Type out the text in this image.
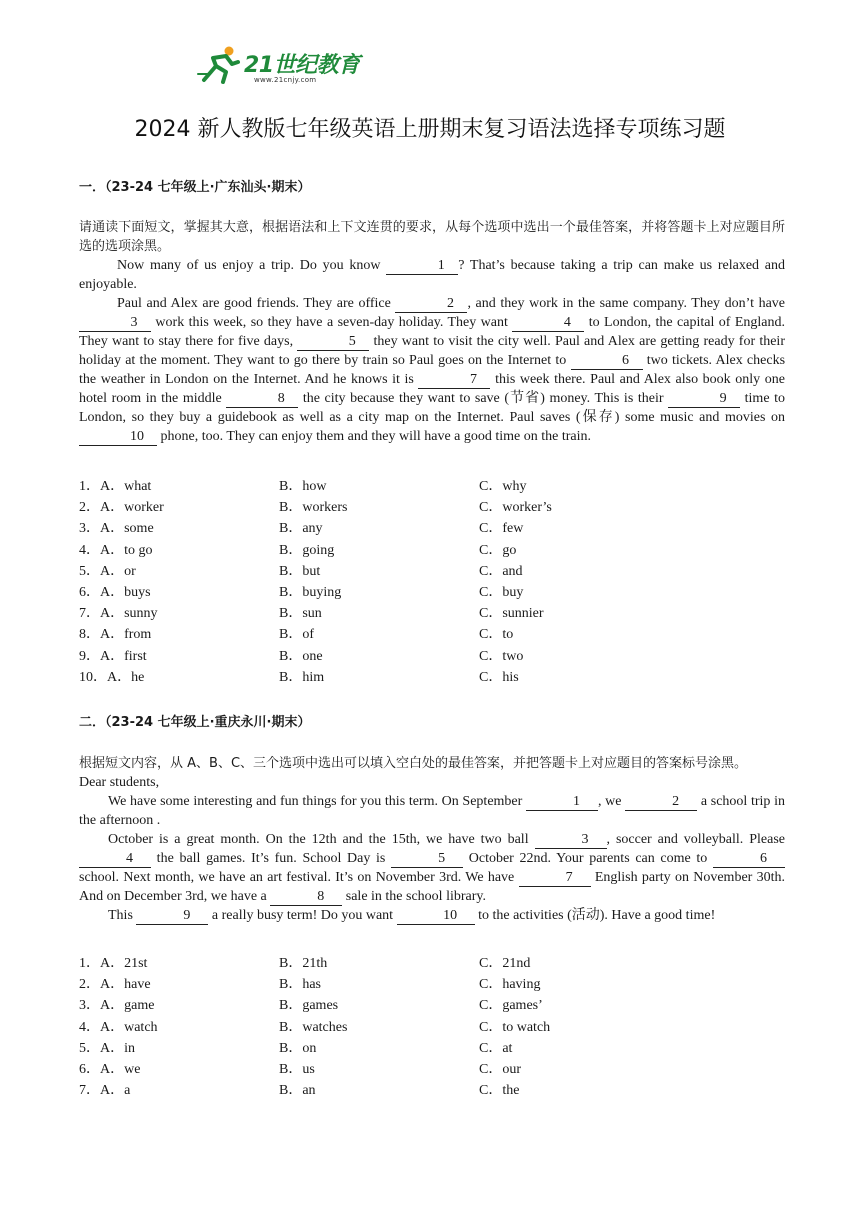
21世纪教育
www.21cnjy.com
2024 新人教版七年级英语上册期末复习语法选择专项练习题
一．（23-24 七年级上·广东汕头·期末）

请通读下面短文，掌握其大意，根据语法和上下文连贯的要求，从每个选项中选出一个最佳答案，并将答题卡上对应题目所选的选项涂黑。

Now many of us enjoy a trip. Do you know	1 ? That’s because taking a trip can make us relaxed and enjoyable.

Paul and Alex are good friends. They are office	2 , and they work in the same company. They don’t have 3 work this week, so they have a seven-day holiday. They want	4 to London, the capital of England. They want to stay there for five days,	5 they want to visit the city well. Paul and Alex are getting ready for their holiday at the moment. They want to go there by train so Paul goes on the Internet to	6 two tickets. Alex checks the weather in London on the Internet. And he knows it is	7 this week there. Paul and Alex also book only one hotel room in the middle	8 the city because they want to save (节省) money. This is their	9 time to London, so they buy a guidebook as well as a city map on the Internet. Paul saves (保存) some music and movies on 10 phone, too. They can enjoy them and they will have a good time on the train.

1．A．what	B．how	C．why
2．A．worker	B．workers	C．worker’s
3．A．some	B．any	C．few
4．A．to go	B．going	C．go
5．A．or	B．but	C．and
6．A．buys	B．buying	C．buy
7．A．sunny	B．sun	C．sunnier
8．A．from	B．of	C．to
9．A．first	B．one	C．two
10．A．he	B．him	C．his
二．（23-24 七年级上·重庆永川·期末）

根据短文内容，从 A、B、C、三个选项中选出可以填入空白处的最佳答案，并把答题卡上对应题目的答案标号涂黑。

Dear students,

We have some interesting and fun things for you this term. On September	1 , we	2 a school trip in the afternoon .

October is a great month. On the 12th and the 15th, we have two ball	3 , soccer and volleyball. Please 4 the ball games. It’s fun. School Day is	5 October 22nd. Your parents can come to	6 school. Next month, we have an art festival. It’s on November 3rd. We have	7 English party on November 30th. And on December 3rd, we have a	8 sale in the school library.

This	9 a really busy term! Do you want	10 to the activities (活动). Have a good time!

1．A．21st	B．21th	C．21nd
2．A．have	B．has	C．having
3．A．game	B．games	C．games’
4．A．watch	B．watches	C．to watch
5．A．in	B．on	C．at
6．A．we	B．us	C．our
7．A．a	B．an	C．the
